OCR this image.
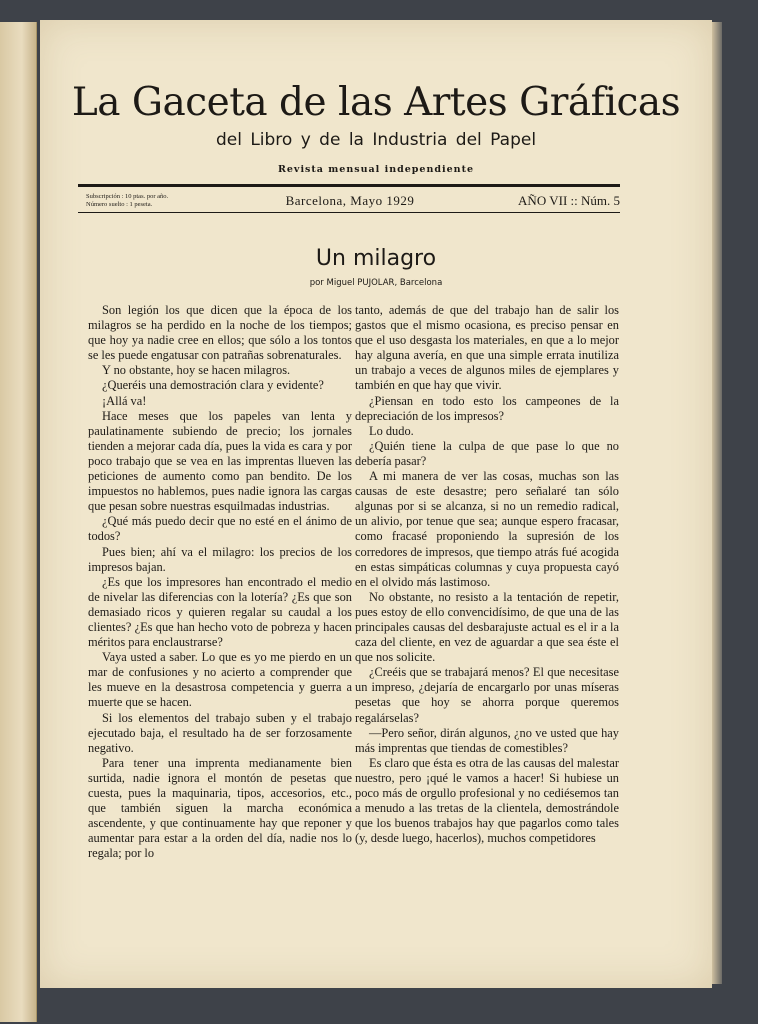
La Gaceta de las Artes Gráficas
del Libro y de la Industria del Papel
Revista mensual independiente
Subscripción : 10 ptas. por año.
Número suelto : 1 peseta.	Barcelona, Mayo 1929	AÑO VII :: Núm. 5
Un milagro
por Miguel PUJOLAR, Barcelona

Son legión los que dicen que la época de los milagros se ha perdido en la noche de los tiempos; que hoy ya nadie cree en ellos; que sólo a los tontos se les puede engatusar con patrañas sobrenaturales.

Y no obstante, hoy se hacen milagros.

¿Queréis una demostración clara y evidente?

¡Allá va!

Hace meses que los papeles van lenta y paulatinamente subiendo de precio; los jornales tienden a mejorar cada día, pues la vida es cara y por poco trabajo que se vea en las imprentas llueven las peticiones de aumento como pan bendito. De los impuestos no hablemos, pues nadie ignora las cargas que pesan sobre nuestras esquilmadas industrias.

¿Qué más puedo decir que no esté en el ánimo de todos?

Pues bien; ahí va el milagro: los precios de los impresos bajan.

¿Es que los impresores han encontrado el medio de nivelar las diferencias con la lotería? ¿Es que son demasiado ricos y quieren regalar su caudal a los clientes? ¿Es que han hecho voto de pobreza y hacen méritos para enclaustrarse?

Vaya usted a saber. Lo que es yo me pierdo en un mar de confusiones y no acierto a comprender que les mueve en la desastrosa competencia y guerra a muerte que se hacen.

Si los elementos del trabajo suben y el trabajo ejecutado baja, el resultado ha de ser forzosamente negativo.

Para tener una imprenta medianamente bien surtida, nadie ignora el montón de pesetas que cuesta, pues la maquinaria, tipos, accesorios, etc., que también siguen la marcha económica ascendente, y que continuamente hay que reponer y aumentar para estar a la orden del día, nadie nos lo regala; por lo

tanto, además de que del trabajo han de salir los gastos que el mismo ocasiona, es preciso pensar en que el uso desgasta los materiales, en que a lo mejor hay alguna avería, en que una simple errata inutiliza un trabajo a veces de algunos miles de ejemplares y también en que hay que vivir.

¿Piensan en todo esto los campeones de la depreciación de los impresos?

Lo dudo.

¿Quién tiene la culpa de que pase lo que no debería pasar?

A mi manera de ver las cosas, muchas son las causas de este desastre; pero señalaré tan sólo algunas por si se alcanza, si no un remedio radical, un alivio, por tenue que sea; aunque espero fracasar, como fracasé proponiendo la supresión de los corredores de impresos, que tiempo atrás fué acogida en estas simpáticas columnas y cuya propuesta cayó en el olvido más lastimoso.

No obstante, no resisto a la tentación de repetir, pues estoy de ello convencidísimo, de que una de las principales causas del desbarajuste actual es el ir a la caza del cliente, en vez de aguardar a que sea éste el que nos solicite.

¿Creéis que se trabajará menos? El que necesitase un impreso, ¿dejaría de encargarlo por unas míseras pesetas que hoy se ahorra porque queremos regalárselas?

—Pero señor, dirán algunos, ¿no ve usted que hay más imprentas que tiendas de comestibles?

Es claro que ésta es otra de las causas del malestar nuestro, pero ¡qué le vamos a hacer! Si hubiese un poco más de orgullo profesional y no cediésemos tan a menudo a las tretas de la clientela, demostrándole que los buenos trabajos hay que pagarlos como tales (y, desde luego, hacerlos), muchos competidores
